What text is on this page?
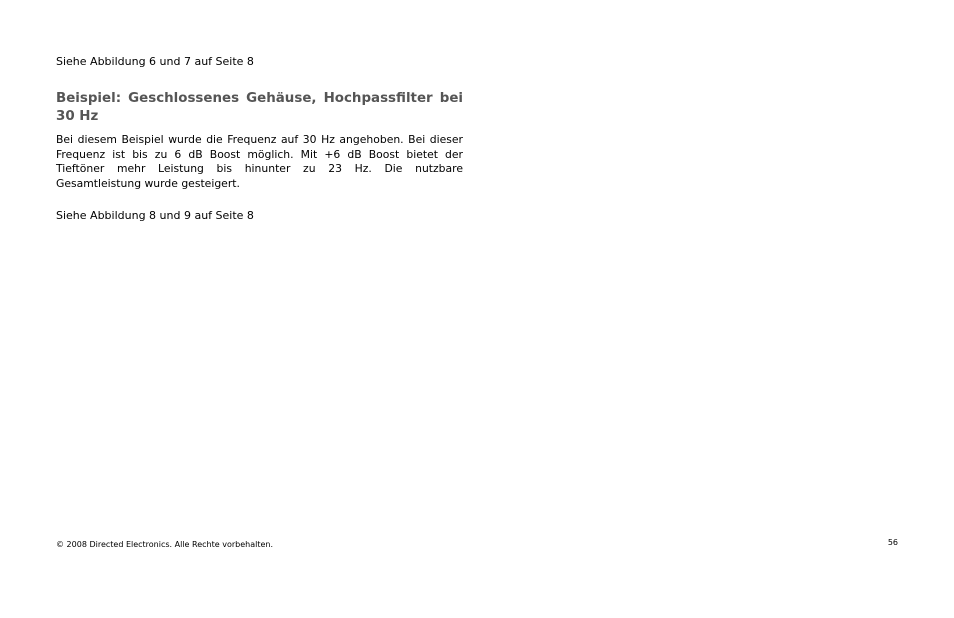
Siehe Abbildung 6 und 7 auf Seite 8
Beispiel: Geschlossenes Gehäuse, Hochpassfilter bei 30 Hz

Bei diesem Beispiel wurde die Frequenz auf 30 Hz angehoben. Bei dieser Frequenz ist bis zu 6 dB Boost möglich. Mit +6 dB Boost bietet der Tieftöner mehr Leistung bis hinunter zu 23 Hz. Die nutzbare Gesamtleistung wurde gesteigert.

Siehe Abbildung 8 und 9 auf Seite 8
© 2008 Directed Electronics. Alle Rechte vorbehalten.	56
